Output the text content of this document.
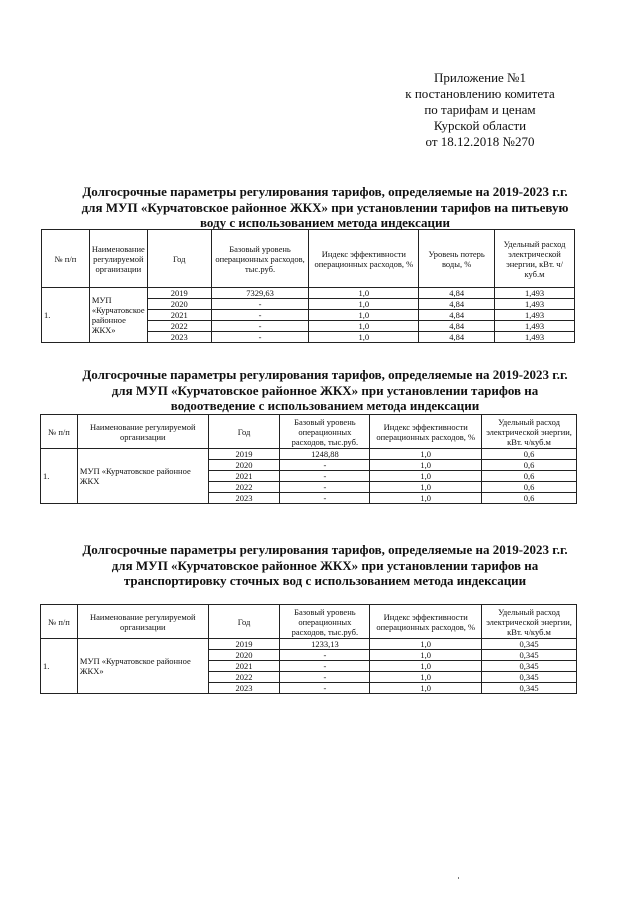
Приложение №1
к постановлению комитета
по тарифам и ценам
Курской области
от 18.12.2018 №270
Долгосрочные параметры регулирования тарифов, определяемые на 2019-2023 г.г. для МУП «Курчатовское районное ЖКХ» при установлении тарифов на питьевую воду с использованием метода индексации
№ п/п	Наименование регулируемой организации	Год	Базовый уровень операционных расходов, тыс.руб.	Индекс эффективности операционных расходов, %	Уровень потерь воды, %	Удельный расход электрической энергии, кВт. ч/куб.м
1.	МУП «Курчатовское районное ЖКХ»	2019	7329,63	1,0	4,84	1,493
		2020	-	1,0	4,84	1,493
		2021	-	1,0	4,84	1,493
		2022	-	1,0	4,84	1,493
		2023	-	1,0	4,84	1,493
Долгосрочные параметры регулирования тарифов, определяемые на 2019-2023 г.г. для МУП «Курчатовское районное ЖКХ» при установлении тарифов на водоотведение с использованием метода индексации
№ п/п	Наименование регулируемой организации	Год	Базовый уровень операционных расходов, тыс.руб.	Индекс эффективности операционных расходов, %	Удельный расход электрической энергии, кВт. ч/куб.м
1.	МУП «Курчатовское районное ЖКХ	2019	1248,88	1,0	0,6
		2020	-	1,0	0,6
		2021	-	1,0	0,6
		2022	-	1,0	0,6
		2023	-	1,0	0,6
Долгосрочные параметры регулирования тарифов, определяемые на 2019-2023 г.г. для МУП «Курчатовское районное ЖКХ» при установлении тарифов на транспортировку сточных вод с использованием метода индексации
№ п/п	Наименование регулируемой организации	Год	Базовый уровень операционных расходов, тыс.руб.	Индекс эффективности операционных расходов, %	Удельный расход электрической энергии, кВт. ч/куб.м
1.	МУП «Курчатовское районное ЖКХ»	2019	1233,13	1,0	0,345
		2020	-	1,0	0,345
		2021	-	1,0	0,345
		2022	-	1,0	0,345
		2023	-	1,0	0,345
